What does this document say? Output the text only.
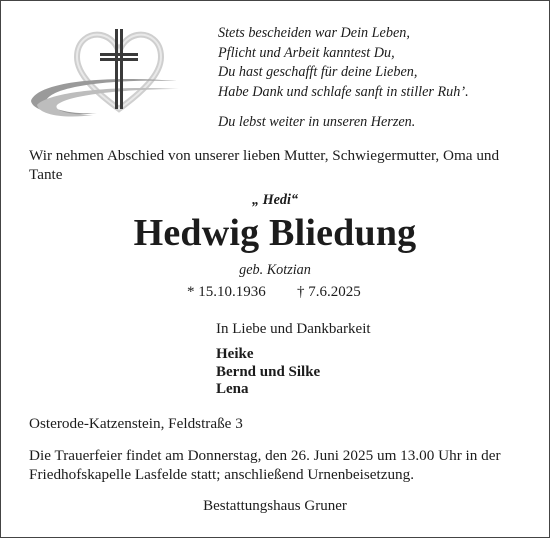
Stets bescheiden war Dein Leben,
Pflicht und Arbeit kanntest Du,
Du hast geschafft für deine Lieben,
Habe Dank und schlafe sanft in stiller Ruh’.
Du lebst weiter in unseren Herzen.
Wir nehmen Abschied von unserer lieben Mutter, Schwiegermutter, Oma und Tante
„ Hedi“
Hedwig Bliedung
geb. Kotzian
* 15.10.1936 † 7.6.2025
In Liebe und Dankbarkeit
Heike
Bernd und Silke
Lena
Osterode-Katzenstein, Feldstraße 3
Die Trauerfeier findet am Donnerstag, den 26. Juni 2025 um 13.00 Uhr in der Friedhofskapelle Lasfelde statt; anschließend Urnenbeisetzung.
Bestattungshaus Gruner
